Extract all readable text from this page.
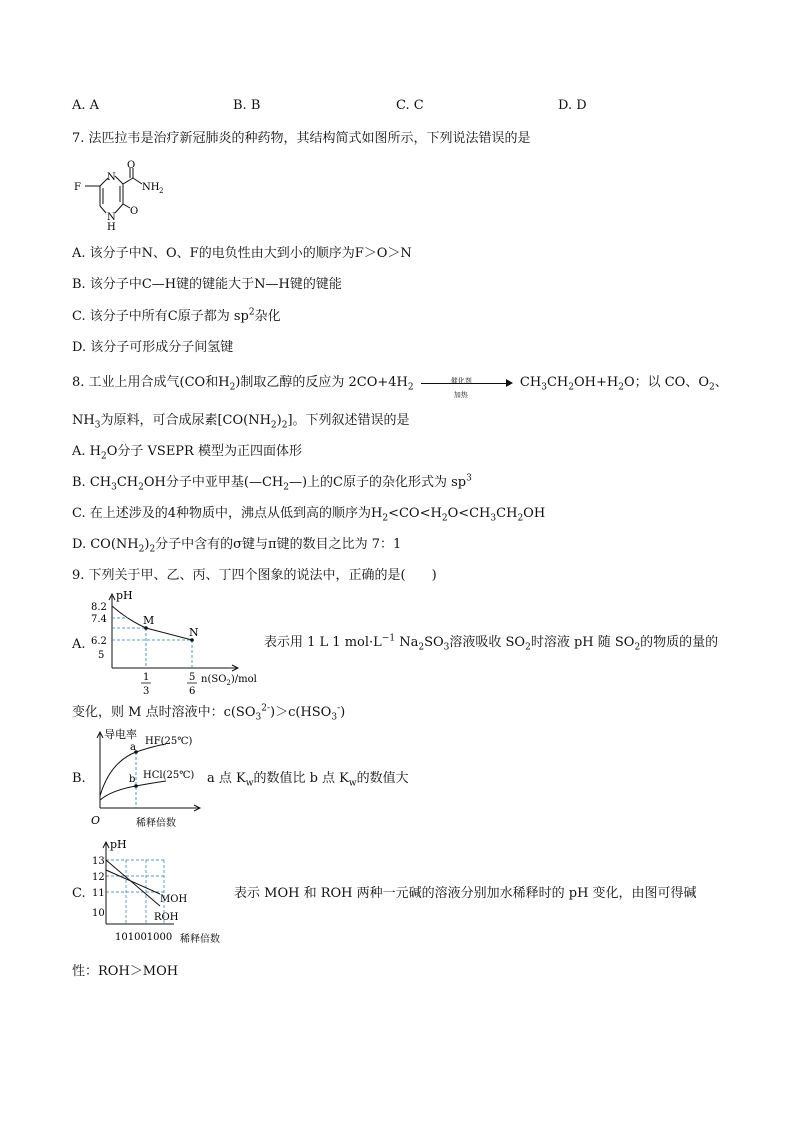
A. A	B. B	C. C	D. D
7. 法匹拉韦是治疗新冠肺炎的种药物，其结构简式如图所示，下列说法错误的是
F
N
N
H
O
O
NH 2
A. 该分子中N、O、F的电负性由大到小的顺序为F＞O＞N
B. 该分子中C—H键的键能大于N—H键的键能
C. 该分子中所有C原子都为 $sp^2$杂化
D. 该分子可形成分子间氢键
8. 工业上用合成气(CO和$H_2$)制取乙醇的反应为 $2CO+4H_2$
催化剂
加热
$CH_3CH_2OH+H_2O$；以 CO、$O_2$、
$NH_3$为原料，可合成尿素$[CO(NH_2)_2]$。下列叙述错误的是
A. $H_2O$分子 VSEPR 模型为正四面体形
B. $CH_3CH_2OH$分子中亚甲基$(—CH_2—)$上的C原子的杂化形式为 $sp^3$
C. 在上述涉及的4种物质中，沸点从低到高的顺序为$H_2<CO<H_2O<CH_3CH_2OH$
D. $CO(NH_2)_2$分子中含有的σ键与π键的数目之比为 7：1
9. 下列关于甲、乙、丙、丁四个图象的说法中，正确的是(　　)
A.
pH
8.2
7.4
6.2
5
M
N
1
3
5
6
$n(SO_2)$/mol
表示用 1 L 1 $mol\cdot L^{-1}$ $Na_2SO_3$溶液吸收 $SO_2$时溶液 pH 随 $SO_2$的物质的量的
变化，则 M 点时溶液中：$c(SO_3^{2-})>c(HSO_3^-)$
B.
导电率
HF(25℃)
HCl(25℃)
a
b
O	稀释倍数
a 点 $K_w$的数值比 b 点 $K_w$的数值大
C.
pH
13
12
11
10
MOH
ROH
101001000 稀释倍数
表示 MOH 和 ROH 两种一元碱的溶液分别加水稀释时的 pH 变化，由图可得碱
性：ROH＞MOH
